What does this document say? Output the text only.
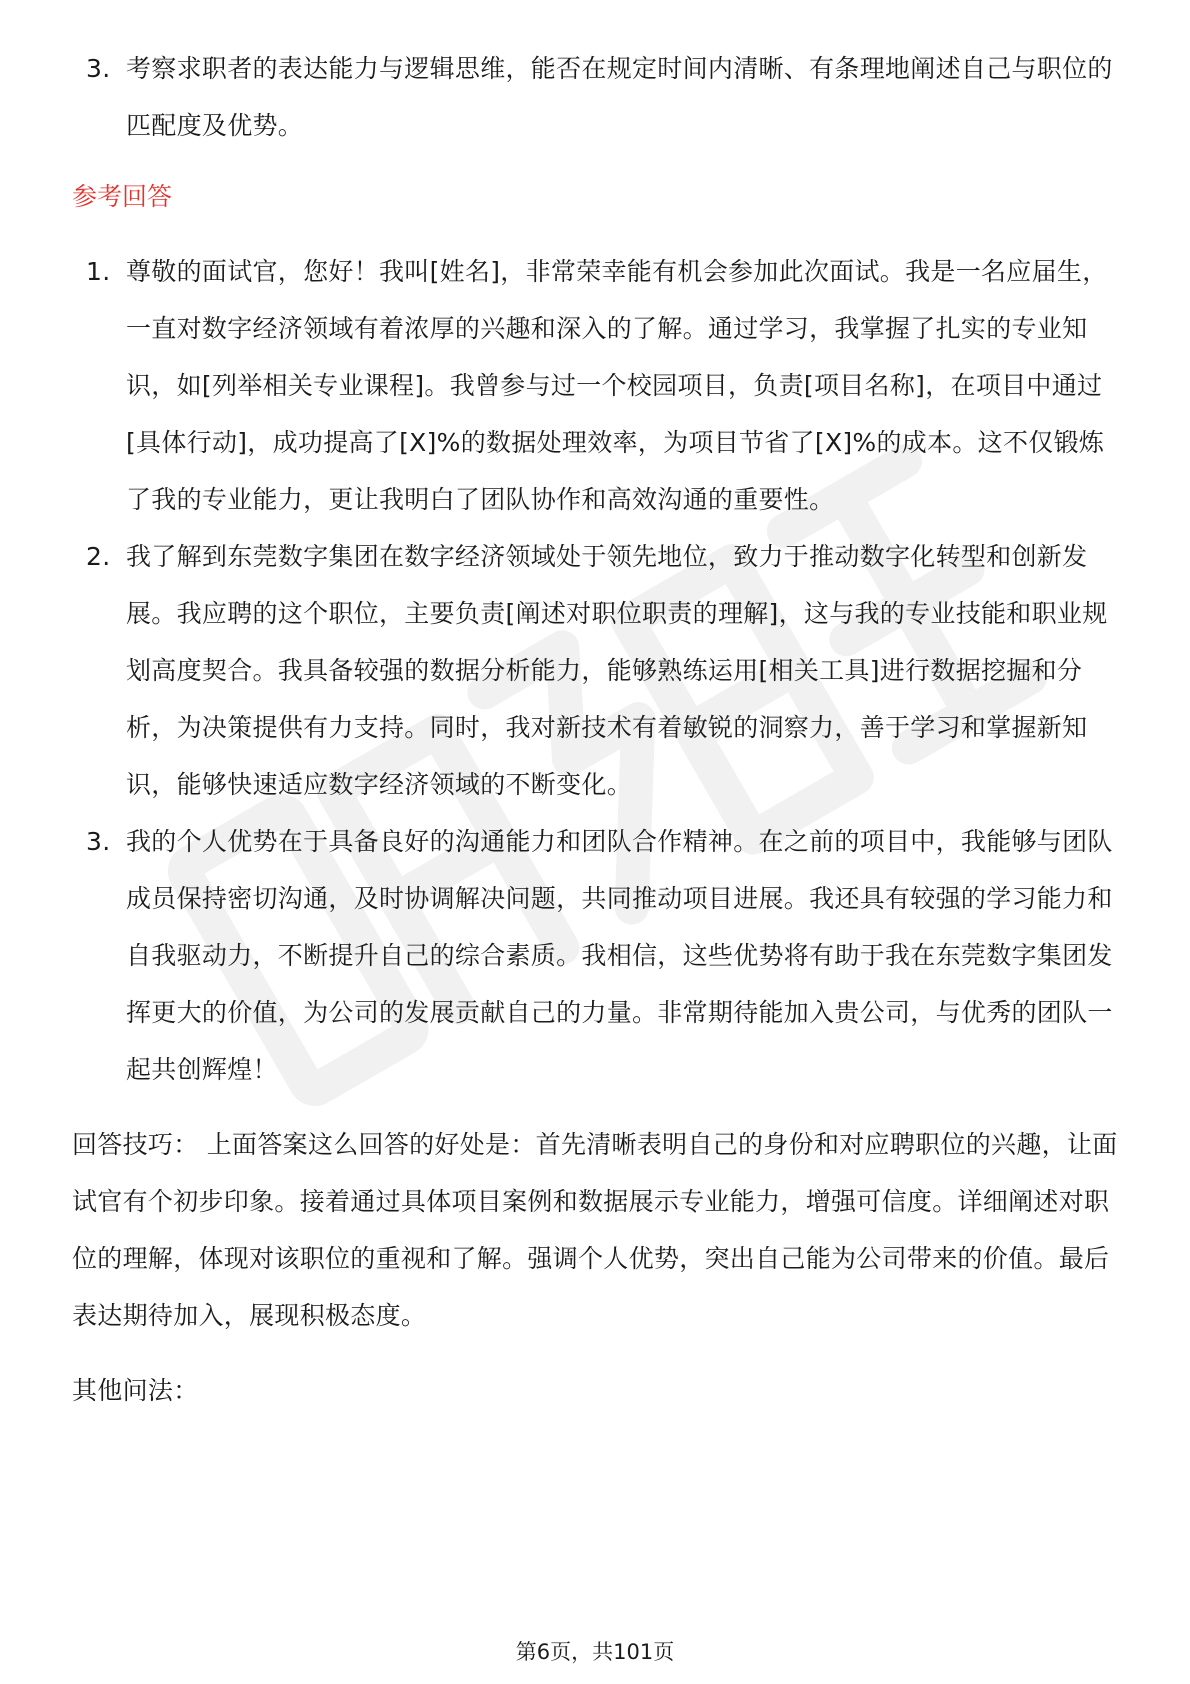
3. 考察求职者的表达能力与逻辑思维，能否在规定时间内清晰、有条理地阐述自己与职位的匹配度及优势。
参考回答
1. 尊敬的面试官，您好！我叫[姓名]，非常荣幸能有机会参加此次面试。我是一名应届生，一直对数字经济领域有着浓厚的兴趣和深入的了解。通过学习，我掌握了扎实的专业知识，如[列举相关专业课程]。我曾参与过一个校园项目，负责[项目名称]，在项目中通过[具体行动]，成功提高了[X]%的数据处理效率，为项目节省了[X]%的成本。这不仅锻炼了我的专业能力，更让我明白了团队协作和高效沟通的重要性。
2. 我了解到东莞数字集团在数字经济领域处于领先地位，致力于推动数字化转型和创新发展。我应聘的这个职位，主要负责[阐述对职位职责的理解]，这与我的专业技能和职业规划高度契合。我具备较强的数据分析能力，能够熟练运用[相关工具]进行数据挖掘和分析，为决策提供有力支持。同时，我对新技术有着敏锐的洞察力，善于学习和掌握新知识，能够快速适应数字经济领域的不断变化。
3. 我的个人优势在于具备良好的沟通能力和团队合作精神。在之前的项目中，我能够与团队成员保持密切沟通，及时协调解决问题，共同推动项目进展。我还具有较强的学习能力和自我驱动力，不断提升自己的综合素质。我相信，这些优势将有助于我在东莞数字集团发挥更大的价值，为公司的发展贡献自己的力量。非常期待能加入贵公司，与优秀的团队一起共创辉煌！

回答技巧： 上面答案这么回答的好处是：首先清晰表明自己的身份和对应聘职位的兴趣，让面试官有个初步印象。接着通过具体项目案例和数据展示专业能力，增强可信度。详细阐述对职位的理解，体现对该职位的重视和了解。强调个人优势，突出自己能为公司带来的价值。最后表达期待加入，展现积极态度。

其他问法：

第6页，共101页
